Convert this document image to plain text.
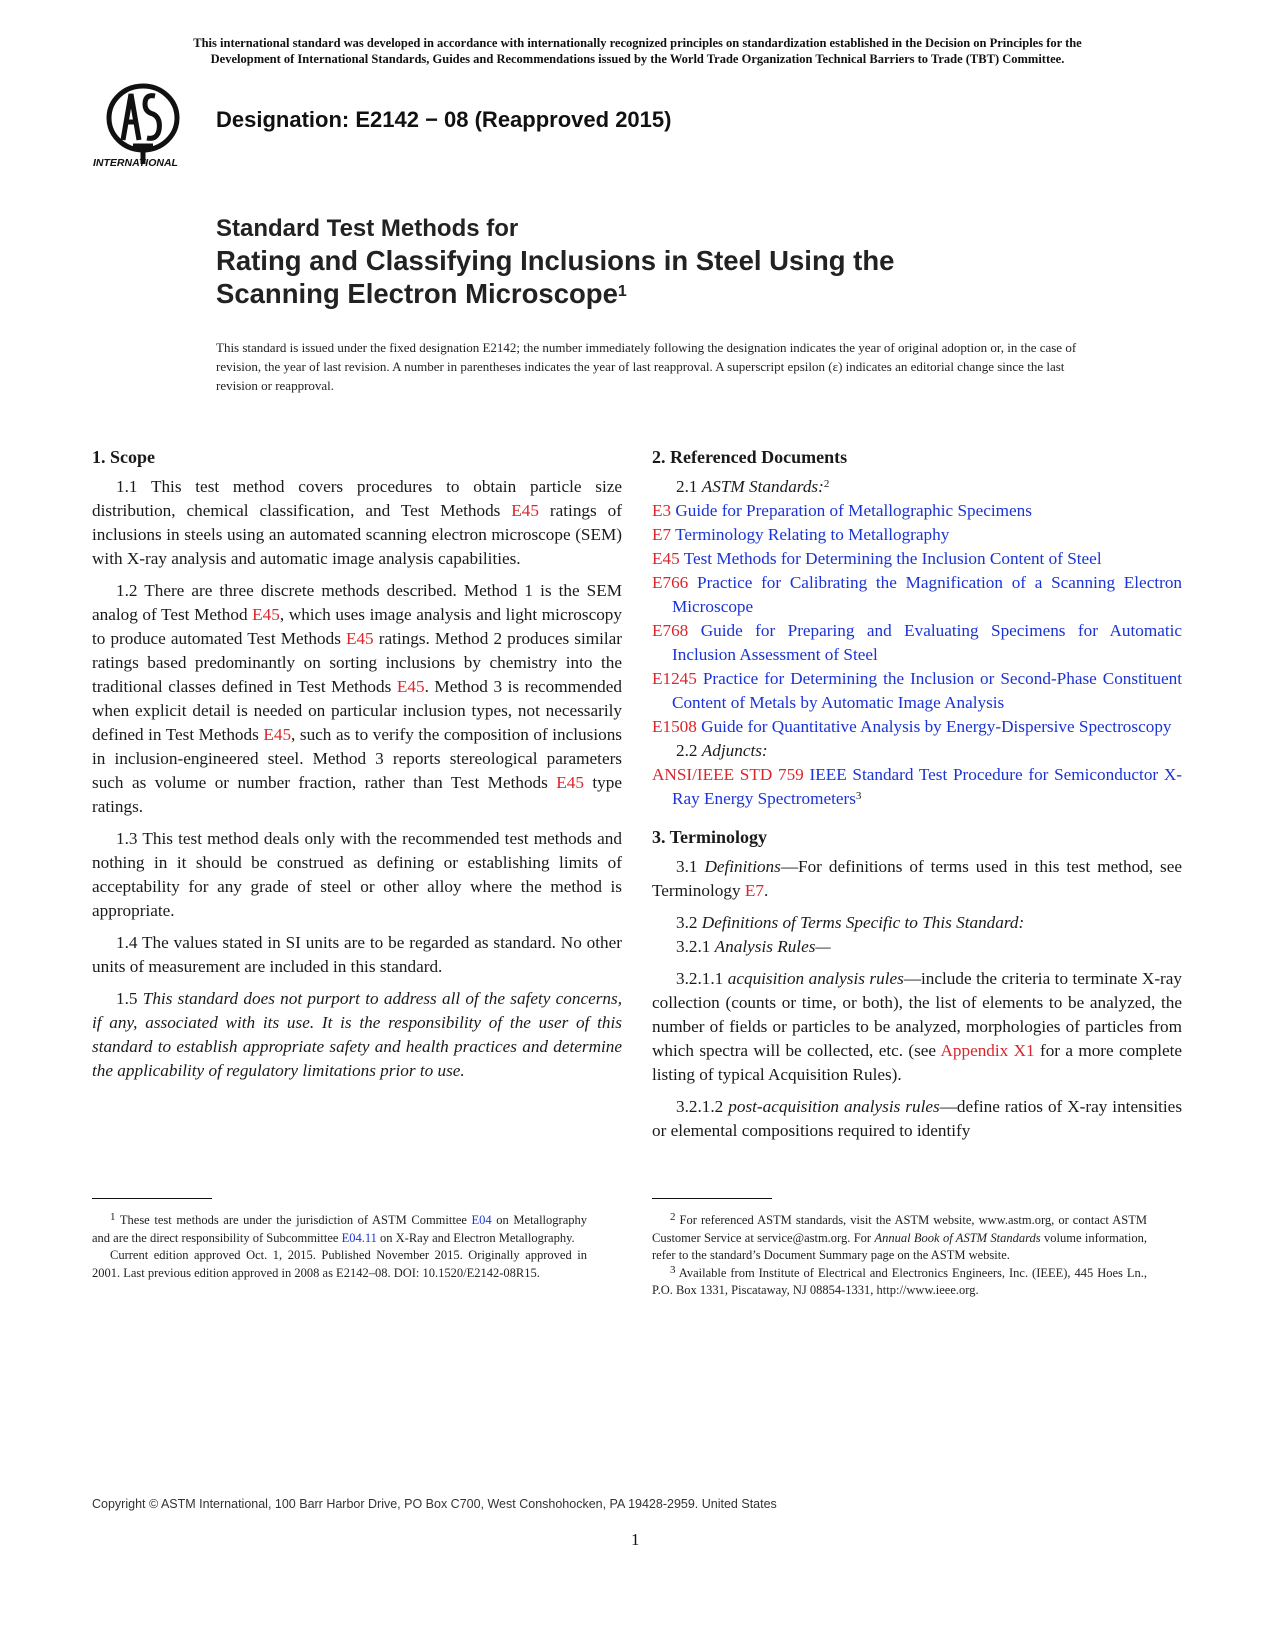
This international standard was developed in accordance with internationally recognized principles on standardization established in the Decision on Principles for the
Development of International Standards, Guides and Recommendations issued by the World Trade Organization Technical Barriers to Trade (TBT) Committee.
INTERNATIONAL
Designation: E2142 − 08 (Reapproved 2015)
Standard Test Methods for
Rating and Classifying Inclusions in Steel Using the
Scanning Electron Microscope$^1$
This standard is issued under the fixed designation E2142; the number immediately following the designation indicates the year of original adoption or, in the case of revision, the year of last revision. A number in parentheses indicates the year of last reapproval. A superscript epsilon (ε) indicates an editorial change since the last revision or reapproval.
1. Scope

1.1 This test method covers procedures to obtain particle size distribution, chemical classification, and Test Methods E45 ratings of inclusions in steels using an automated scanning electron microscope (SEM) with X-ray analysis and automatic image analysis capabilities.

1.2 There are three discrete methods described. Method 1 is the SEM analog of Test Method E45, which uses image analysis and light microscopy to produce automated Test Methods E45 ratings. Method 2 produces similar ratings based predominantly on sorting inclusions by chemistry into the traditional classes defined in Test Methods E45. Method 3 is recommended when explicit detail is needed on particular inclusion types, not necessarily defined in Test Methods E45, such as to verify the composition of inclusions in inclusion-engineered steel. Method 3 reports stereological parameters such as volume or number fraction, rather than Test Methods E45 type ratings.

1.3 This test method deals only with the recommended test methods and nothing in it should be construed as defining or establishing limits of acceptability for any grade of steel or other alloy where the method is appropriate.

1.4 The values stated in SI units are to be regarded as standard. No other units of measurement are included in this standard.

1.5 This standard does not purport to address all of the safety concerns, if any, associated with its use. It is the responsibility of the user of this standard to establish appropriate safety and health practices and determine the applicability of regulatory limitations prior to use.

$^1$ These test methods are under the jurisdiction of ASTM Committee E04 on Metallography and are the direct responsibility of Subcommittee E04.11 on X-Ray and Electron Metallography.

Current edition approved Oct. 1, 2015. Published November 2015. Originally approved in 2001. Last previous edition approved in 2008 as E2142–08. DOI: 10.1520/E2142-08R15.

2. Referenced Documents
2.1 ASTM Standards:$^2$

E3 Guide for Preparation of Metallographic Specimens

E7 Terminology Relating to Metallography

E45 Test Methods for Determining the Inclusion Content of Steel

E766 Practice for Calibrating the Magnification of a Scanning Electron Microscope

E768 Guide for Preparing and Evaluating Specimens for Automatic Inclusion Assessment of Steel

E1245 Practice for Determining the Inclusion or Second-Phase Constituent Content of Metals by Automatic Image Analysis

E1508 Guide for Quantitative Analysis by Energy-Dispersive Spectroscopy

2.2 Adjuncts:

ANSI/IEEE STD 759 IEEE Standard Test Procedure for Semiconductor X-Ray Energy Spectrometers$^3$

3. Terminology

3.1 Definitions—For definitions of terms used in this test method, see Terminology E7.

3.2 Definitions of Terms Specific to This Standard:
3.2.1 Analysis Rules—

3.2.1.1 acquisition analysis rules—include the criteria to terminate X-ray collection (counts or time, or both), the list of elements to be analyzed, the number of fields or particles to be analyzed, morphologies of particles from which spectra will be collected, etc. (see Appendix X1 for a more complete listing of typical Acquisition Rules).

3.2.1.2 post-acquisition analysis rules—define ratios of X-ray intensities or elemental compositions required to identify

$^2$ For referenced ASTM standards, visit the ASTM website, www.astm.org, or contact ASTM Customer Service at service@astm.org. For Annual Book of ASTM Standards volume information, refer to the standard’s Document Summary page on the ASTM website.

$^3$ Available from Institute of Electrical and Electronics Engineers, Inc. (IEEE), 445 Hoes Ln., P.O. Box 1331, Piscataway, NJ 08854-1331, http://www.ieee.org.

Copyright © ASTM International, 100 Barr Harbor Drive, PO Box C700, West Conshohocken, PA 19428-2959. United States
1
